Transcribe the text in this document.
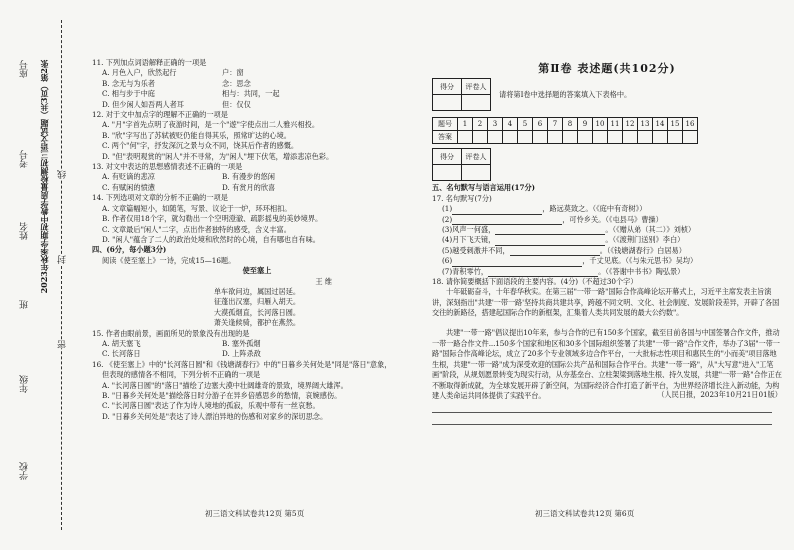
2023年秋季学期初中教学质量检测初三语文试题（共3页）第2张
学校
年级
班
姓名
考号
座号
密
封
线
11. 下列加点词语解释正确的一项是
A. 月色入户，欣然起行	户：窗
B. 念无与为乐者	念：思念
C. 相与步于中庭	相与：共同，一起
D. 但少闲人如吾两人者耳	但：仅仅
12. 对于文中加点字的理解不正确的一项是
A. "月"字首先点明了夜游时间，是一个"遊"字使点出二人雅兴相投。
B. "欣"字写出了苏轼被贬仍能自得其乐，照常旷达的心境。
C. 两个"何"字，抒发深沉之景与众不同，饶其后作者的感慨。
D. "但"表明观赏的"闲人"并不寻常，为"闲人"埋下伏笔，增添悲凉色彩。
13. 对文中表达的思想感情表述不正确的一项是
A. 有贬谪的悲凉	B. 有漫步的悠闲
C. 有赋闲的愤懑	D. 有赏月的欣喜
14. 下列选项对文章的分析不正确的一项是
A. 文章篇幅短小，如随笔，写景、议论于一炉，环环相扣。
B. 作者仅用18个字，就勾勒出一个空明澄澈、疏影摇曳的美妙境界。
C. 文章最后"闲人"二字，点出作者独特的感受，含义丰富。
D. "闲人"蕴含了二人的政治处境和欣然时的心境，自有哪也自有味。
四、(6分，每小题3分)
阅读《使至塞上》一诗，完成15—16题。
使至塞上
王 维
单车欲问边，属国过居延。
征蓬出汉塞，归雁入胡天。
大漠孤烟直，长河落日圆。
萧关逢候骑，都护在燕然。
15. 作者由眼前景，画面所见的景象没有出现的是
A. 胡天塞飞	B. 塞外孤烟
C. 长河落日	D. 上阵杀敌
16. 《使至塞上》中的"长河落日圆"和《钱塘湖春行》中的"日暮乡关何处是"同是"落日"意象，
但表现的感情各不相同，下列分析不正确的一项是
A. "长河落日圆"的"落日"描绘了边塞大漠中壮阔雄奇的景致，境界阔大雄浑。
B. "日暮乡关何处是"描绘落日时分游子在异乡倍感思乡的愁情，哀婉感伤。
C. "长河落日圆"表达了作为诗人境地的孤寂，乐观中带有一丝哀愁。
D. "日暮乡关何处是"表达了诗人漂泊异地的伤感和对家乡的深切思念。
初三语文科试卷共12页 第5页
第Ⅱ卷 表述题(共102分)
得分	评卷人

请将第Ⅰ卷中选择题的答案填入下表格中。
题号	1	2	3	4	5	6	7	8	9	10	11	12	13	14	15	16
答案																
得分	评卷人

五、名句默写与语言运用(17分)
17. 名句默写(7分)
(1)	，路远莫致之。（《庭中有奇树》）
(2)	，可怜乡关。（《屯县马》曹操）
(3)风声一何盛，	。（《赠从弟（其二）》刘桢）
(4)月下飞天镜，	。（《渡荆门送别》李白）
(5)越受刺激并不同，	。（《钱塘湖春行》白居易）
(6)	，千丈见底。（《与朱元思书》吴均）
(7)青积零竹，	。（《答谢中书书》陶弘景）
18. 请你简要概括下面语段的主要内容。(4分)（不超过30个字）
十年砥砺奋斗，十年春华秋实。在第三届"一带一路"国际合作高峰论坛开幕式上，习近平主席发表主旨演讲，深刻指出"共建'一带一路'坚持共商共建共享，跨越不同文明、文化、社会制度、发展阶段差异，开辟了各国交往的新路径，搭建起国际合作的新框架，汇集着人类共同发展的最大公约数"。
共建"一带一路"倡议提出10年来，参与合作的已有150多个国家，截至目前各国与中国签署合作文件，推动一带一路合作文件...150多个国家和地区和30多个国际组织签署了共建"一带一路"合作文件，举办了3届"一带一路"国际合作高峰论坛，成立了20多个专业领域多边合作平台，一大批标志性项目和惠民生的"小而美"项目落地生根，共建"一带一路"成为深受欢迎的国际公共产品和国际合作平台。共建"一带一路"，从"大写意"进入"工笔画"阶段，从规划愿景转变为现实行动，从夯基垒台、立柱架梁到落地生根、持久发展，共建"一带一路"合作正在不断取得新成就，为全球发展开辟了新空间，为国际经济合作打造了新平台，为世界经济增长注入新动能，为构建人类命运共同体提供了实践平台。	（人民日报，2023年10月21日01版）
初三语文科试卷共12页 第6页
